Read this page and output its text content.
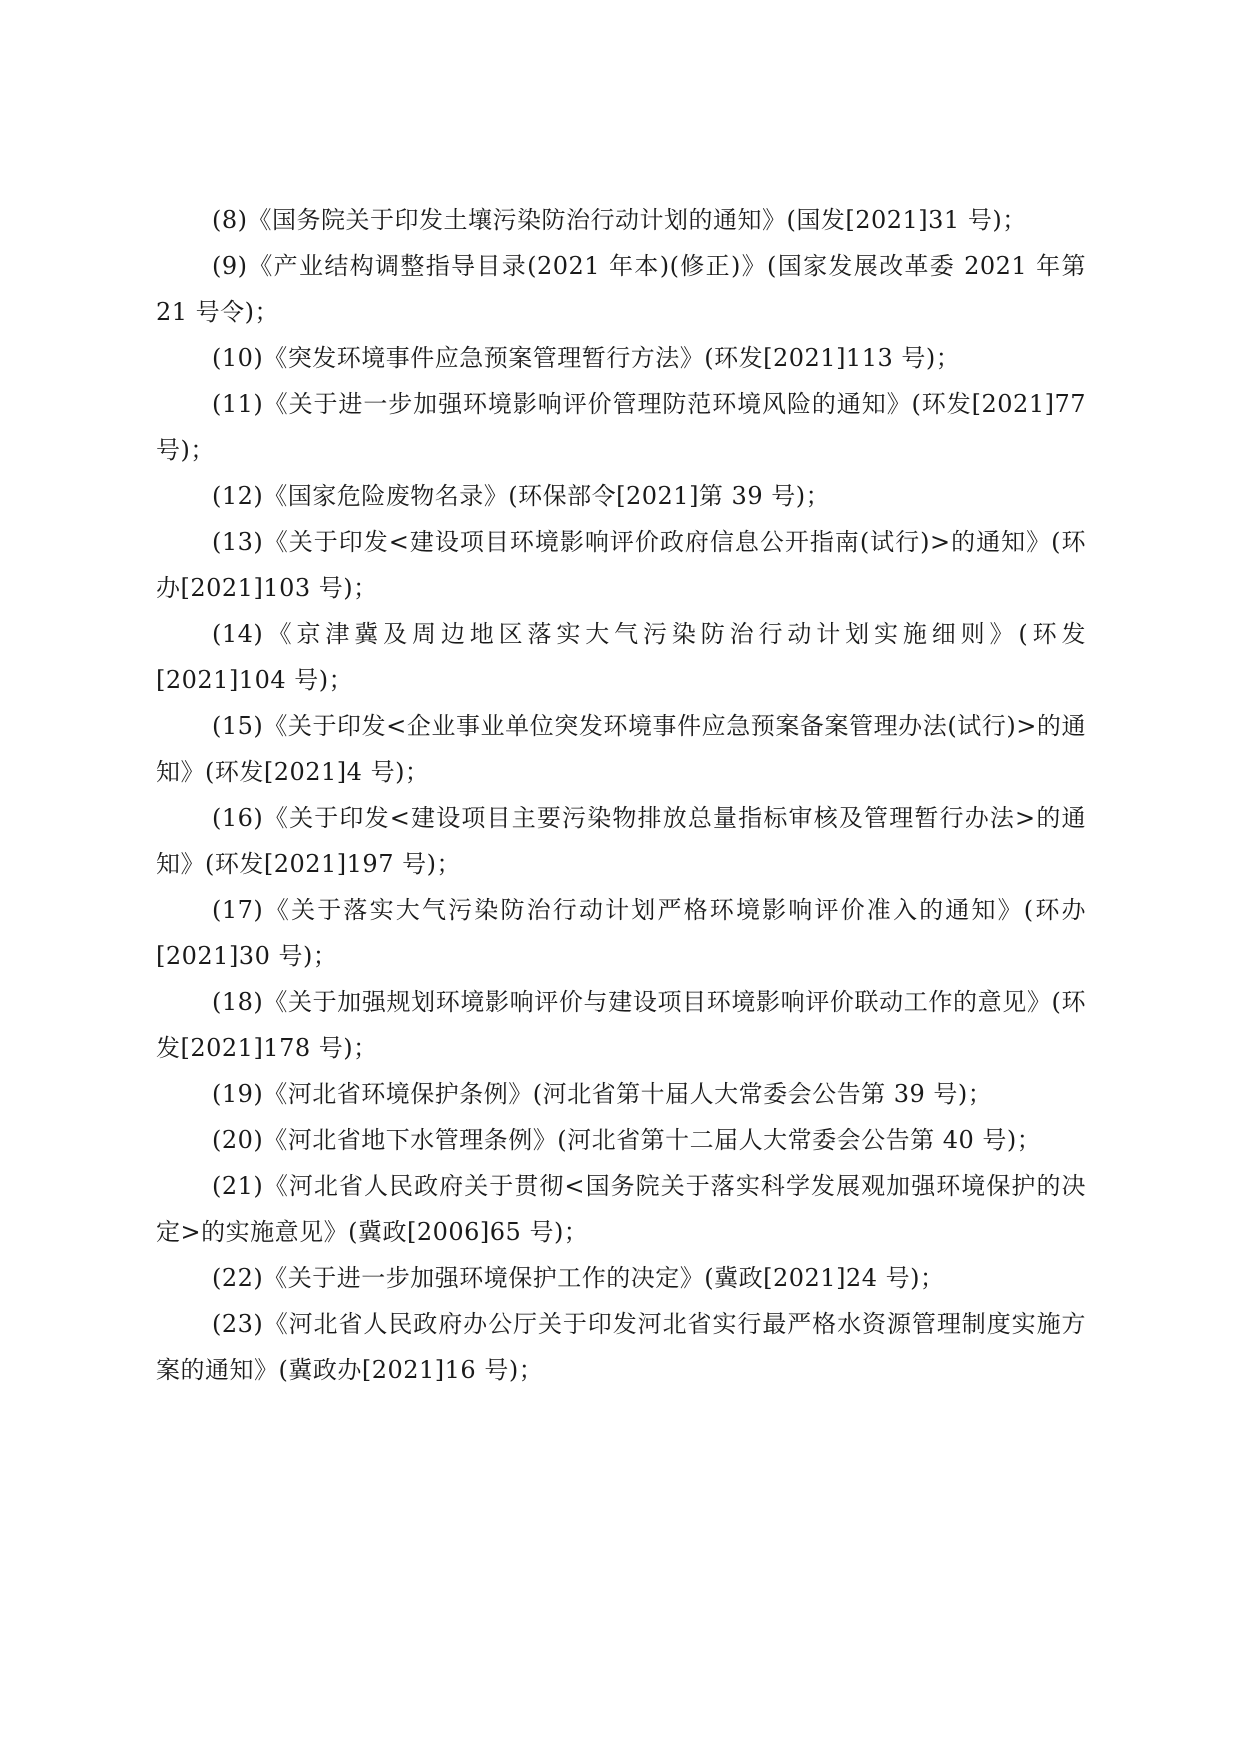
(8)《国务院关于印发土壤污染防治行动计划的通知》(国发[2021]31 号)；

(9)《产业结构调整指导目录(2021 年本)(修正)》(国家发展改革委 2021 年第 21 号令)；

(10)《突发环境事件应急预案管理暂行方法》(环发[2021]113 号)；

(11)《关于进一步加强环境影响评价管理防范环境风险的通知》(环发[2021]77 号)；

(12)《国家危险废物名录》(环保部令[2021]第 39 号)；

(13)《关于印发<建设项目环境影响评价政府信息公开指南(试行)>的通知》(环办[2021]103 号)；

(14)《京津冀及周边地区落实大气污染防治行动计划实施细则》(环发[2021]104 号)；

(15)《关于印发<企业事业单位突发环境事件应急预案备案管理办法(试行)>的通知》(环发[2021]4 号)；

(16)《关于印发<建设项目主要污染物排放总量指标审核及管理暂行办法>的通知》(环发[2021]197 号)；

(17)《关于落实大气污染防治行动计划严格环境影响评价准入的通知》(环办[2021]30 号)；

(18)《关于加强规划环境影响评价与建设项目环境影响评价联动工作的意见》(环发[2021]178 号)；

(19)《河北省环境保护条例》(河北省第十届人大常委会公告第 39 号)；

(20)《河北省地下水管理条例》(河北省第十二届人大常委会公告第 40 号)；

(21)《河北省人民政府关于贯彻<国务院关于落实科学发展观加强环境保护的决定>的实施意见》(冀政[2006]65 号)；

(22)《关于进一步加强环境保护工作的决定》(冀政[2021]24 号)；

(23)《河北省人民政府办公厅关于印发河北省实行最严格水资源管理制度实施方案的通知》(冀政办[2021]16 号)；
